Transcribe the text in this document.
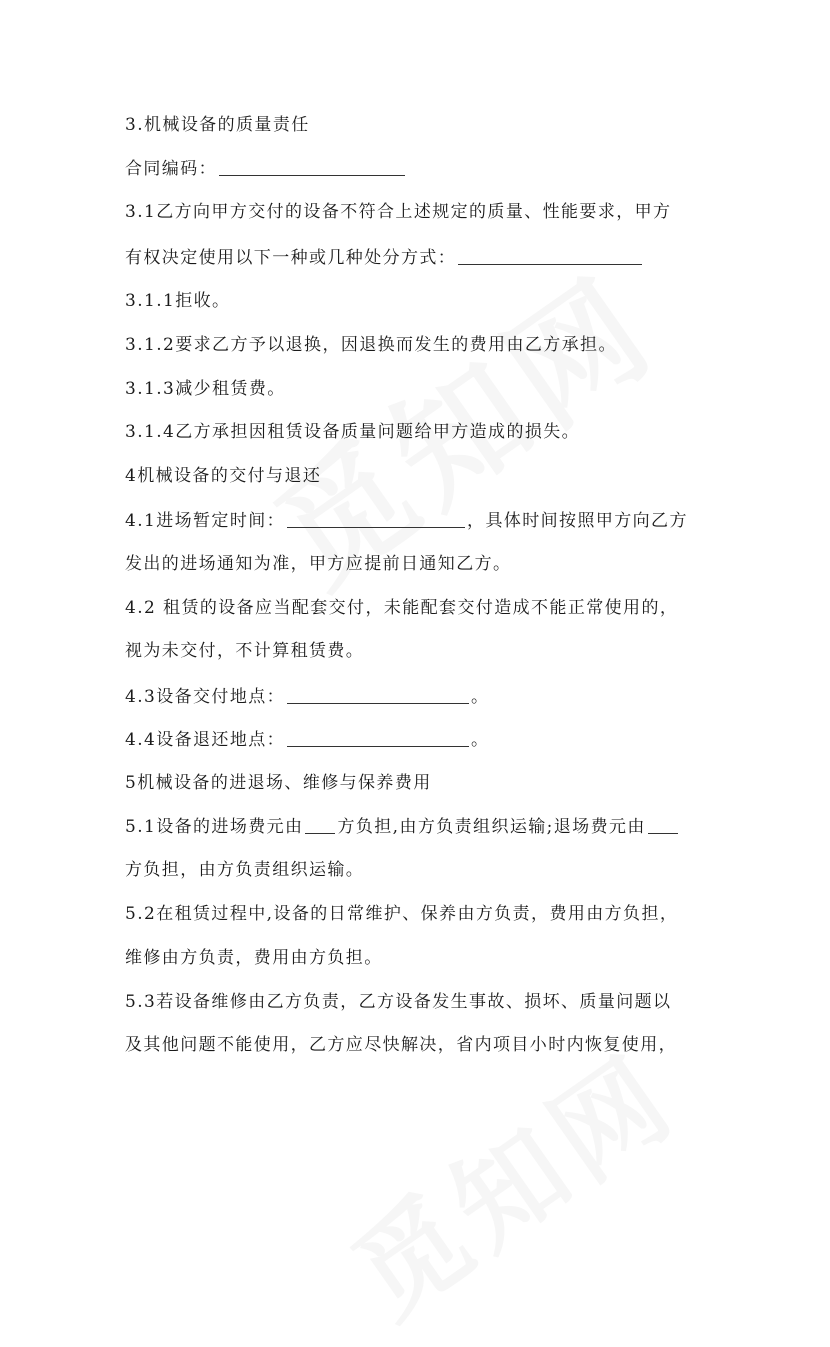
3.机械设备的质量责任

合同编码：

3.1乙方向甲方交付的设备不符合上述规定的质量、性能要求，甲方

有权决定使用以下一种或几种处分方式：

3.1.1拒收。

3.1.2要求乙方予以退换，因退换而发生的费用由乙方承担。

3.1.3减少租赁费。

3.1.4乙方承担因租赁设备质量问题给甲方造成的损失。

4机械设备的交付与退还

4.1进场暂定时间：	，具体时间按照甲方向乙方

发出的进场通知为准，甲方应提前日通知乙方。

4.2 租赁的设备应当配套交付，未能配套交付造成不能正常使用的，

视为未交付，不计算租赁费。

4.3设备交付地点：	。

4.4设备退还地点：	。

5机械设备的进退场、维修与保养费用

5.1设备的进场费元由 方负担,由方负责组织运输;退场费元由

方负担，由方负责组织运输。

5.2在租赁过程中,设备的日常维护、保养由方负责，费用由方负担，

维修由方负责，费用由方负担。

5.3若设备维修由乙方负责，乙方设备发生事故、损坏、质量问题以

及其他问题不能使用，乙方应尽快解决，省内项目小时内恢复使用，
